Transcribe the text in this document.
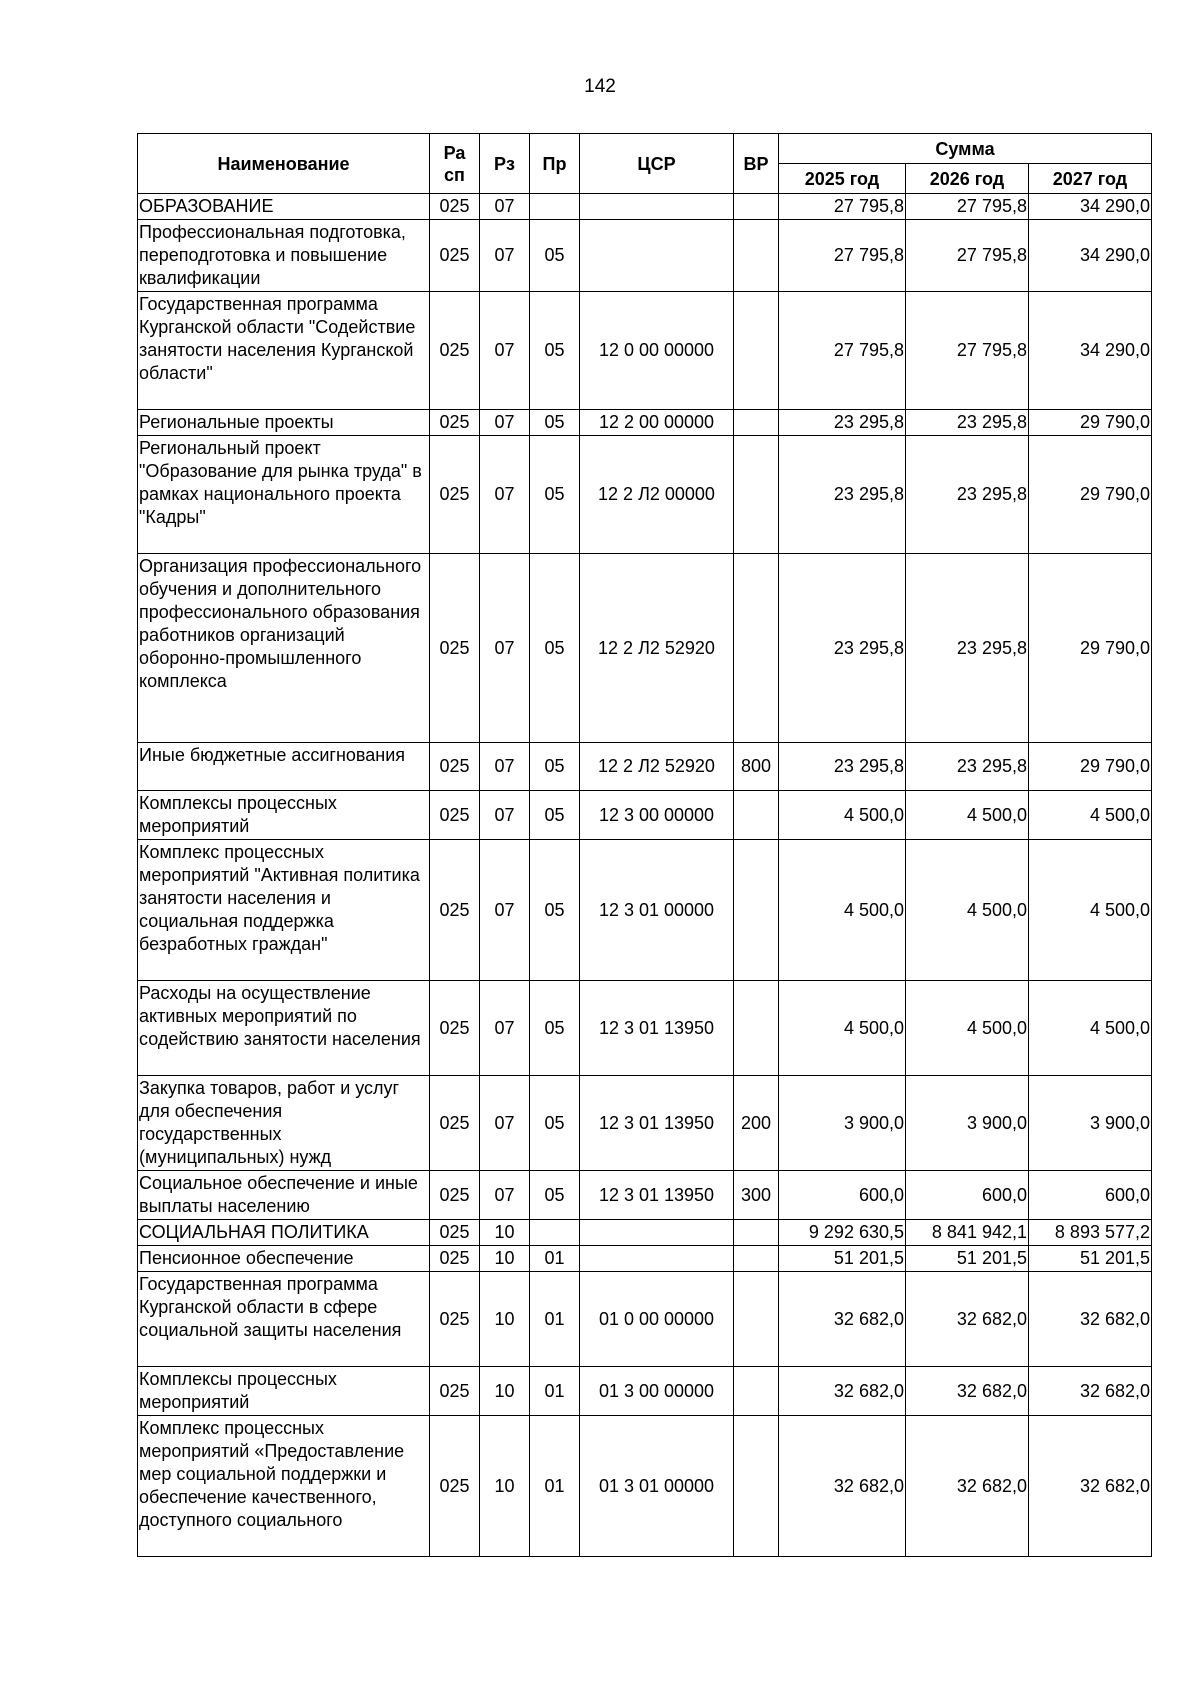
142
Наименование	Ра сп	Рз	Пр	ЦСР	ВР	Сумма		
						2025 год	2026 год	2027 год
ОБРАЗОВАНИЕ	025	07				27 795,8	27 795,8	34 290,0
Профессиональная подготовка, переподготовка и повышение квалификации	025	07	05			27 795,8	27 795,8	34 290,0
Государственная программа Курганской области "Содействие занятости населения Курганской области"	025	07	05	12 0 00 00000		27 795,8	27 795,8	34 290,0
Региональные проекты	025	07	05	12 2 00 00000		23 295,8	23 295,8	29 790,0
Региональный проект "Образование для рынка труда" в рамках национального проекта "Кадры"	025	07	05	12 2 Л2 00000		23 295,8	23 295,8	29 790,0
Организация профессионального обучения и дополнительного профессионального образования работников организаций оборонно-промышленного комплекса	025	07	05	12 2 Л2 52920		23 295,8	23 295,8	29 790,0
Иные бюджетные ассигнования	025	07	05	12 2 Л2 52920	800	23 295,8	23 295,8	29 790,0
Комплексы процессных мероприятий	025	07	05	12 3 00 00000		4 500,0	4 500,0	4 500,0
Комплекс процессных мероприятий "Активная политика занятости населения и социальная поддержка безработных граждан"	025	07	05	12 3 01 00000		4 500,0	4 500,0	4 500,0
Расходы на осуществление активных мероприятий по содействию занятости населения	025	07	05	12 3 01 13950		4 500,0	4 500,0	4 500,0
Закупка товаров, работ и услуг для обеспечения государственных (муниципальных) нужд	025	07	05	12 3 01 13950	200	3 900,0	3 900,0	3 900,0
Социальное обеспечение и иные выплаты населению	025	07	05	12 3 01 13950	300	600,0	600,0	600,0
СОЦИАЛЬНАЯ ПОЛИТИКА	025	10				9 292 630,5	8 841 942,1	8 893 577,2
Пенсионное обеспечение	025	10	01			51 201,5	51 201,5	51 201,5
Государственная программа Курганской области в сфере социальной защиты населения	025	10	01	01 0 00 00000		32 682,0	32 682,0	32 682,0
Комплексы процессных мероприятий	025	10	01	01 3 00 00000		32 682,0	32 682,0	32 682,0
Комплекс процессных мероприятий «Предоставление мер социальной поддержки и обеспечение качественного, доступного социального	025	10	01	01 3 01 00000		32 682,0	32 682,0	32 682,0
